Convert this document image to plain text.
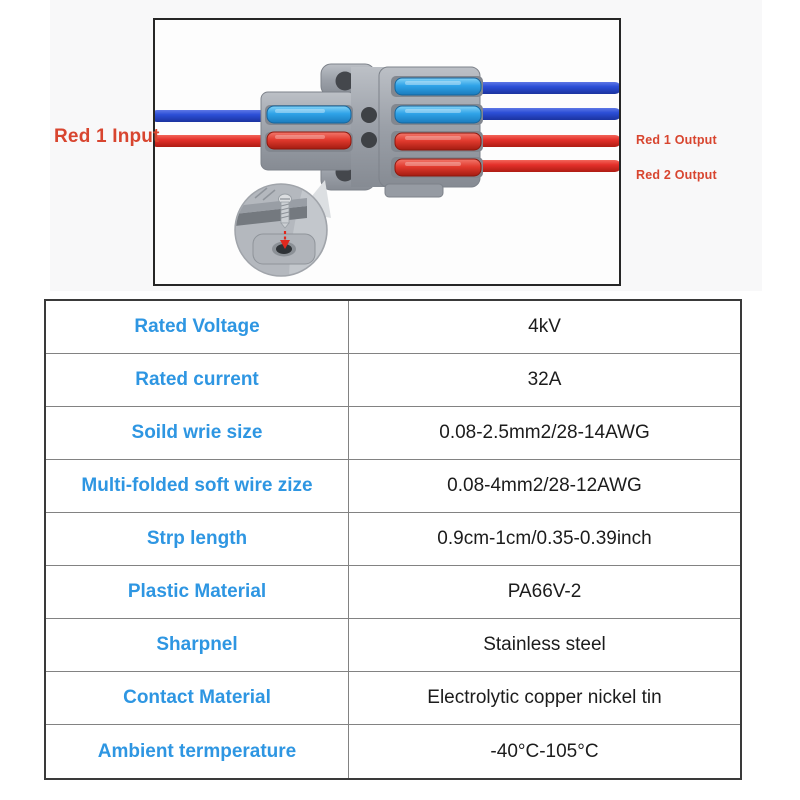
Red 1 Input	Red 1 Output
Red 2 Output
Rated Voltage	4kV
Rated current	32A
Soild wrie size	0.08-2.5mm2/28-14AWG
Multi-folded soft wire zize	0.08-4mm2/28-12AWG
Strp length	0.9cm-1cm/0.35-0.39inch
Plastic Material	PA66V-2
Sharpnel	Stainless steel
Contact Material	Electrolytic copper nickel tin
Ambient termperature	-40°C-105°C
